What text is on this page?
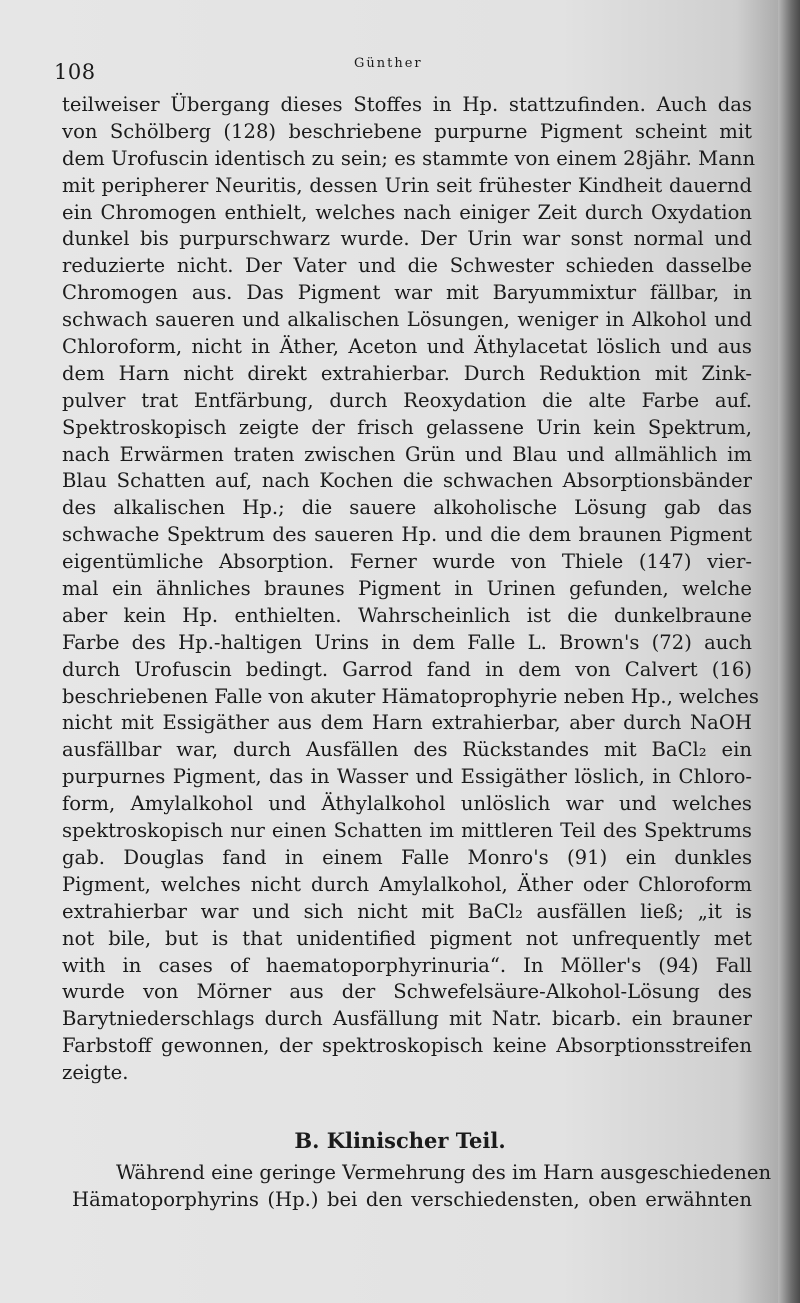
108	Günther
teilweiser Übergang dieses Stoffes in Hp. stattzufinden. Auch das
von Schölberg (128) beschriebene purpurne Pigment scheint mit
dem Urofuscin identisch zu sein; es stammte von einem 28jähr. Mann
mit peripherer Neuritis, dessen Urin seit frühester Kindheit dauernd
ein Chromogen enthielt, welches nach einiger Zeit durch Oxydation
dunkel bis purpurschwarz wurde. Der Urin war sonst normal und
reduzierte nicht. Der Vater und die Schwester schieden dasselbe
Chromogen aus. Das Pigment war mit Baryummixtur fällbar, in
schwach saueren und alkalischen Lösungen, weniger in Alkohol und
Chloroform, nicht in Äther, Aceton und Äthylacetat löslich und aus
dem Harn nicht direkt extrahierbar. Durch Reduktion mit Zink-
pulver trat Entfärbung, durch Reoxydation die alte Farbe auf.
Spektroskopisch zeigte der frisch gelassene Urin kein Spektrum,
nach Erwärmen traten zwischen Grün und Blau und allmählich im
Blau Schatten auf, nach Kochen die schwachen Absorptionsbänder
des alkalischen Hp.; die sauere alkoholische Lösung gab das
schwache Spektrum des saueren Hp. und die dem braunen Pigment
eigentümliche Absorption. Ferner wurde von Thiele (147) vier-
mal ein ähnliches braunes Pigment in Urinen gefunden, welche
aber kein Hp. enthielten. Wahrscheinlich ist die dunkelbraune
Farbe des Hp.-haltigen Urins in dem Falle L. Brown's (72) auch
durch Urofuscin bedingt. Garrod fand in dem von Calvert (16)
beschriebenen Falle von akuter Hämatoprophyrie neben Hp., welches
nicht mit Essigäther aus dem Harn extrahierbar, aber durch NaOH
ausfällbar war, durch Ausfällen des Rückstandes mit BaCl₂ ein
purpurnes Pigment, das in Wasser und Essigäther löslich, in Chloro-
form, Amylalkohol und Äthylalkohol unlöslich war und welches
spektroskopisch nur einen Schatten im mittleren Teil des Spektrums
gab. Douglas fand in einem Falle Monro's (91) ein dunkles
Pigment, welches nicht durch Amylalkohol, Äther oder Chloroform
extrahierbar war und sich nicht mit BaCl₂ ausfällen ließ; „it is
not bile, but is that unidentified pigment not unfrequently met
with in cases of haematoporphyrinuria“. In Möller's (94) Fall
wurde von Mörner aus der Schwefelsäure-Alkohol-Lösung des
Barytniederschlags durch Ausfällung mit Natr. bicarb. ein brauner
Farbstoff gewonnen, der spektroskopisch keine Absorptionsstreifen
zeigte.
B. Klinischer Teil.
Während eine geringe Vermehrung des im Harn ausgeschiedenen
Hämatoporphyrins (Hp.) bei den verschiedensten, oben erwähnten
